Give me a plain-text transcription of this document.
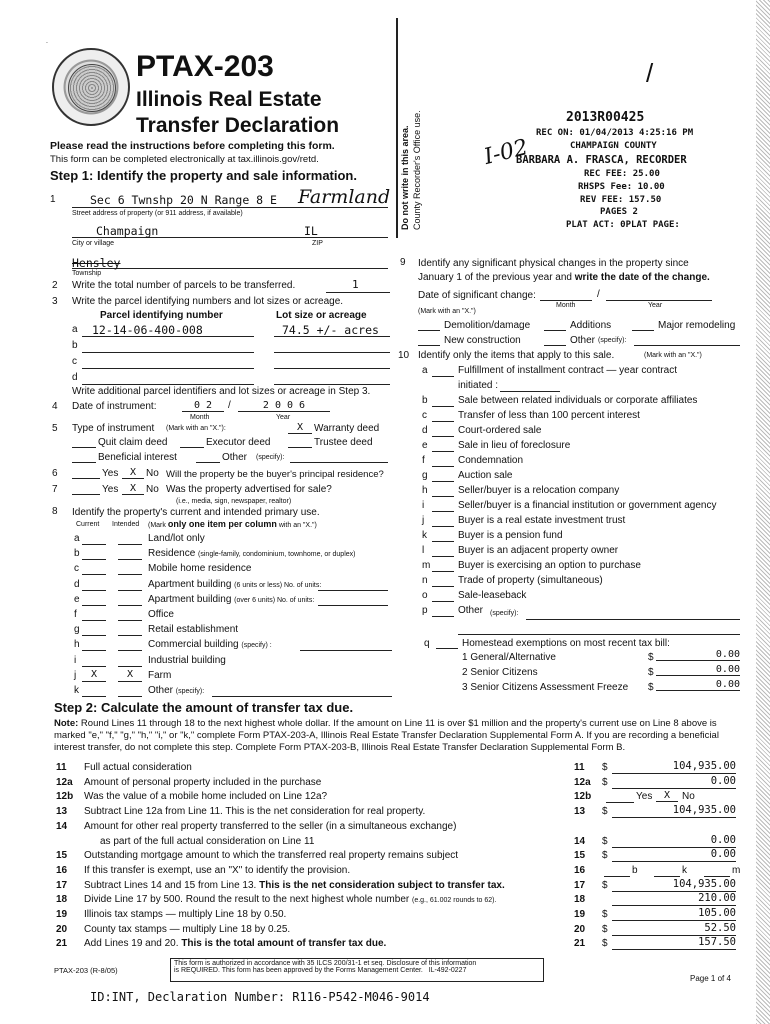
.
PTAX-203
Illinois Real Estate
Transfer Declaration
Please read the instructions before completing this form.
This form can be completed electronically at tax.illinois.gov/retd.
Step 1: Identify the property and sale information.
/
Do not write in this area. County Recorder's Office use.	2013R00425
REC ON: 01/04/2013 4:25:16 PM
CHAMPAIGN COUNTY
BARBARA A. FRASCA, RECORDER
REC FEE: 25.00
RHSPS Fee: 10.00
REV FEE: 157.50
PAGES 2
PLAT ACT: 0PLAT PAGE:
I-02
1	Sec 6 Twnshp 20 N Range 8 E Farmland
Street address of property (or 911 address, if available)
Champaign	IL
City or village	ZIP
Hensley
Township
2 Write the total number of parcels to be transferred.	1
3 Write the parcel identifying numbers and lot sizes or acreage.
Parcel identifying number	Lot size or acreage
a 12-14-06-400-008	74.5 +/- acres
b
c
d
Write additional parcel identifiers and lot sizes or acreage in Step 3.
4 Date of instrument:	0 2	/	2 0 0 6
Month	Year
5 Type of instrument (Mark with an "X."):	X	Warranty deed
Quit claim deed	Executor deed	Trustee deed
Beneficial interest	Other (specify):
6	Yes	X No Will the property be the buyer's principal residence?
7	Yes	X No Was the property advertised for sale?
(i.e., media, sign, newspaper, realtor)
8 Identify the property's current and intended primary use.
Current Intended (Mark only one item per column with an "X.")
a	Land/lot only
b	Residence (single-family, condominium, townhome, or duplex)
c	Mobile home residence
d	Apartment building (6 units or less) No. of units:
e	Apartment building (over 6 units) No. of units:
f	Office
g	Retail establishment
h	Commercial building (specify) :
i	Industrial building
j	X	X	Farm
k	Other (specify):
9 Identify any significant physical changes in the property since
January 1 of the previous year and write the date of the change.
Date of significant change:	/
Month	Year
(Mark with an "X.")
Demolition/damage	Additions	Major remodeling
New construction	Other (specify):
10 Identify only the items that apply to this sale.	(Mark with an "X.")
a	Fulfillment of installment contract — year contract
initiated :
b	Sale between related individuals or corporate affiliates
c	Transfer of less than 100 percent interest
d	Court-ordered sale
e	Sale in lieu of foreclosure
f	Condemnation
g	Auction sale
h	Seller/buyer is a relocation company
i	Seller/buyer is a financial institution or government agency
j	Buyer is a real estate investment trust
k	Buyer is a pension fund
l	Buyer is an adjacent property owner
m	Buyer is exercising an option to purchase
n	Trade of property (simultaneous)
o	Sale-leaseback
p	Other (specify):
q	Homestead exemptions on most recent tax bill:
1 General/Alternative	$	0.00
2 Senior Citizens	$	0.00
3 Senior Citizens Assessment Freeze $	0.00
Step 2: Calculate the amount of transfer tax due.
Note: Round Lines 11 through 18 to the next highest whole dollar. If the amount on Line 11 is over $1 million and the property's current use on Line 8 above is marked "e," "f," "g," "h," "i," or "k," complete Form PTAX-203-A, Illinois Real Estate Transfer Declaration Supplemental Form A. If you are recording a beneficial interest transfer, do not complete this step. Complete Form PTAX-203-B, Illinois Real Estate Transfer Declaration Supplemental Form B.
11 Full actual consideration	11 $	104,935.00
12a Amount of personal property included in the purchase	12a $	0.00
12b Was the value of a mobile home included on Line 12a?	12b	Yes	X	No
13 Subtract Line 12a from Line 11. This is the net consideration for real property.	13 $	104,935.00
14 Amount for other real property transferred to the seller (in a simultaneous exchange)
as part of the full actual consideration on Line 11	14 $	0.00
15 Outstanding mortgage amount to which the transferred real property remains subject	15 $	0.00
16 If this transfer is exempt, use an "X" to identify the provision.	16	b	k	m
17 Subtract Lines 14 and 15 from Line 13. This is the net consideration subject to transfer tax.	17 $	104,935.00
18 Divide Line 17 by 500. Round the result to the next highest whole number (e.g., 61.002 rounds to 62).	18	210.00
19 Illinois tax stamps — multiply Line 18 by 0.50.	19 $	105.00
20 County tax stamps — multiply Line 18 by 0.25.	20 $	52.50
21 Add Lines 19 and 20. This is the total amount of transfer tax due.	21 $	157.50
PTAX-203 (R-8/05)
This form is authorized in accordance with 35 ILCS 200/31-1 et seq. Disclosure of this information
is REQUIRED. This form has been approved by the Forms Management Center. IL-492-0227
Page 1 of 4
ID:INT, Declaration Number: R116-P542-M046-9014
